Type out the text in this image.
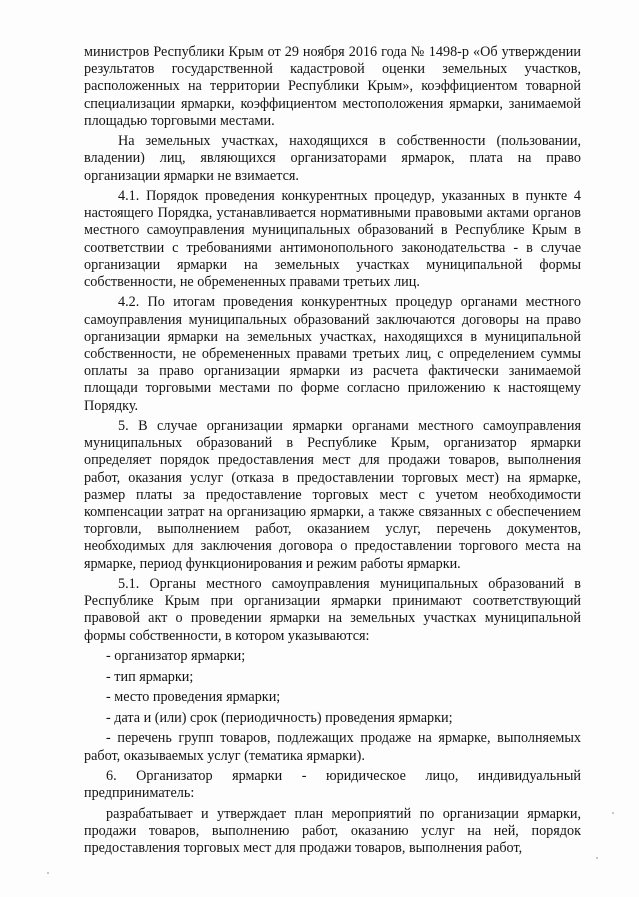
министров Республики Крым от 29 ноября 2016 года № 1498-р «Об утверждении результатов государственной кадастровой оценки земельных участков, расположенных на территории Республики Крым», коэффициентом товарной специализации ярмарки, коэффициентом местоположения ярмарки, занимаемой площадью торговыми местами.

На земельных участках, находящихся в собственности (пользовании, владении) лиц, являющихся организаторами ярмарок, плата на право организации ярмарки не взимается.

4.1. Порядок проведения конкурентных процедур, указанных в пункте 4 настоящего Порядка, устанавливается нормативными правовыми актами органов местного самоуправления муниципальных образований в Республике Крым в соответствии с требованиями антимонопольного законодательства - в случае организации ярмарки на земельных участках муниципальной формы собственности, не обремененных правами третьих лиц.

4.2. По итогам проведения конкурентных процедур органами местного самоуправления муниципальных образований заключаются договоры на право организации ярмарки на земельных участках, находящихся в муниципальной собственности, не обремененных правами третьих лиц, с определением суммы оплаты за право организации ярмарки из расчета фактически занимаемой площади торговыми местами по форме согласно приложению к настоящему Порядку.

5. В случае организации ярмарки органами местного самоуправления муниципальных образований в Республике Крым, организатор ярмарки определяет порядок предоставления мест для продажи товаров, выполнения работ, оказания услуг (отказа в предоставлении торговых мест) на ярмарке, размер платы за предоставление торговых мест с учетом необходимости компенсации затрат на организацию ярмарки, а также связанных с обеспечением торговли, выполнением работ, оказанием услуг, перечень документов, необходимых для заключения договора о предоставлении торгового места на ярмарке, период функционирования и режим работы ярмарки.

5.1. Органы местного самоуправления муниципальных образований в Республике Крым при организации ярмарки принимают соответствующий правовой акт о проведении ярмарки на земельных участках муниципальной формы собственности, в котором указываются:

- организатор ярмарки;

- тип ярмарки;

- место проведения ярмарки;

- дата и (или) срок (периодичность) проведения ярмарки;

- перечень групп товаров, подлежащих продаже на ярмарке, выполняемых работ, оказываемых услуг (тематика ярмарки).

6. Организатор ярмарки - юридическое лицо, индивидуальный предприниматель:

разрабатывает и утверждает план мероприятий по организации ярмарки, продажи товаров, выполнению работ, оказанию услуг на ней, порядок предоставления торговых мест для продажи товаров, выполнения работ,
